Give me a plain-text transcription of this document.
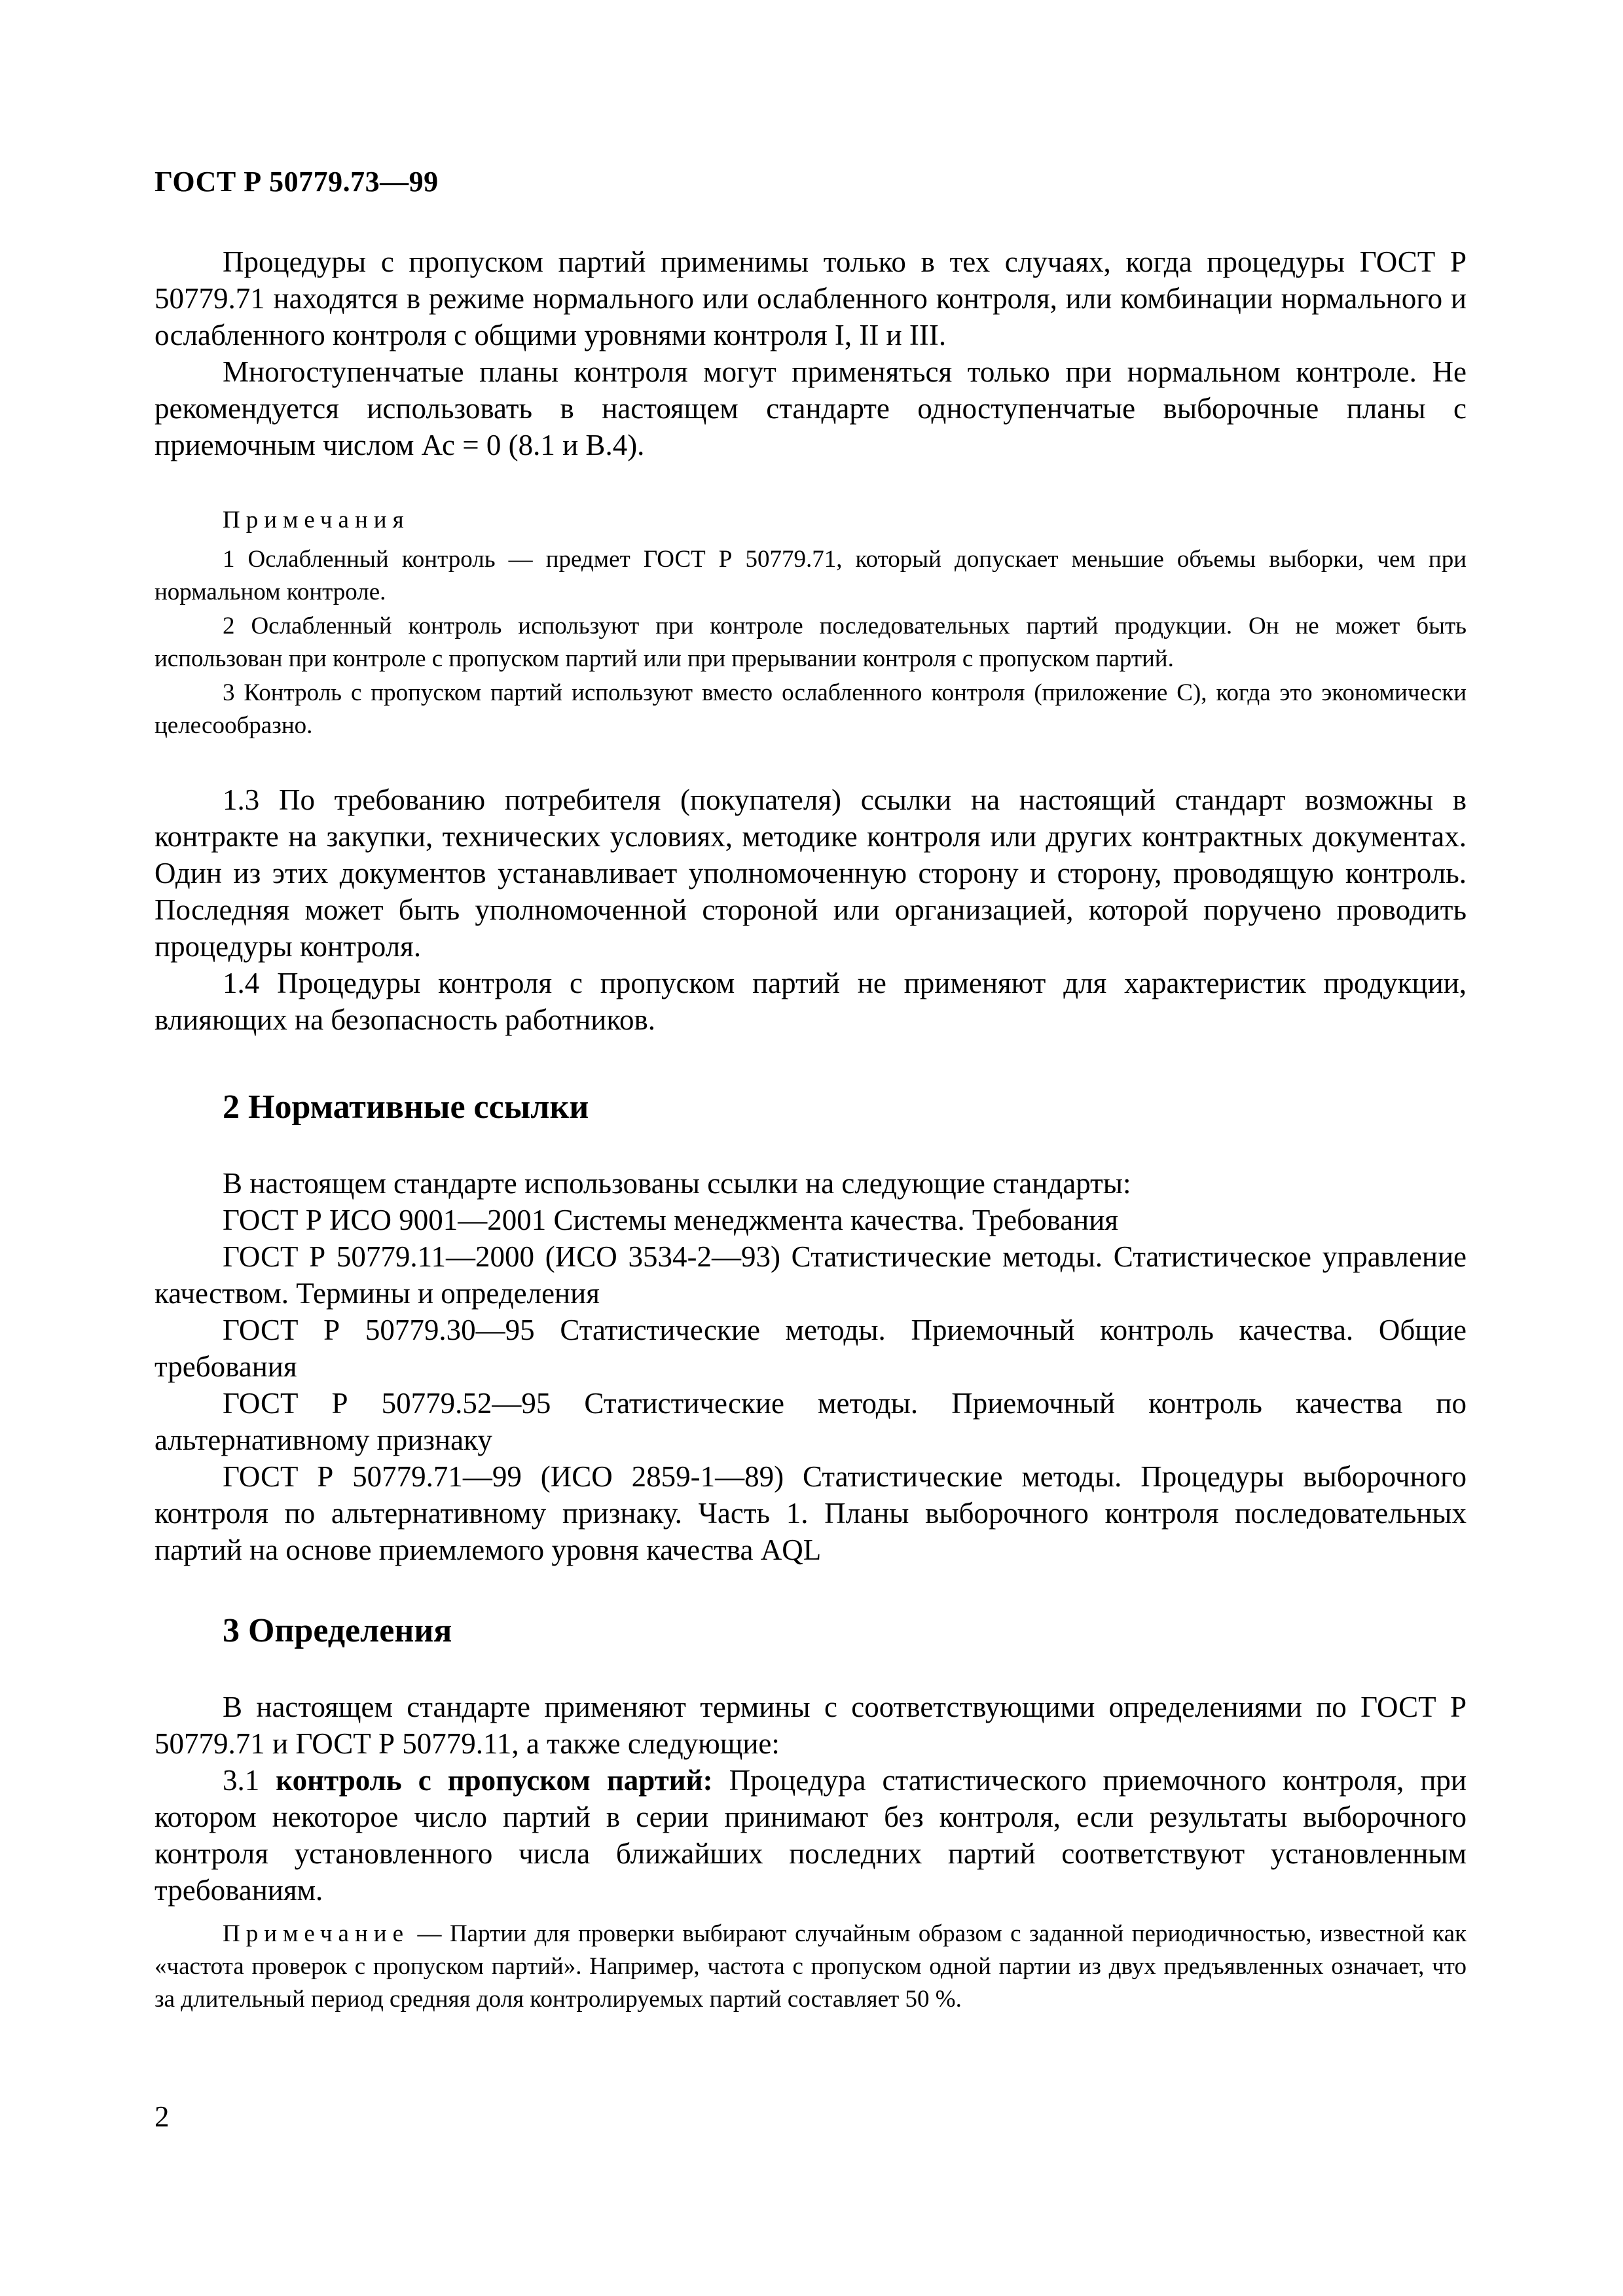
ГОСТ Р 50779.73—99

Процедуры с пропуском партий применимы только в тех случаях, когда процедуры ГОСТ Р 50779.71 находятся в режиме нормального или ослабленного контроля, или комбинации нормального и ослабленного контроля с общими уровнями контроля I, II и III.

Многоступенчатые планы контроля могут применяться только при нормальном контроле. Не рекомендуется использовать в настоящем стандарте одноступенчатые выборочные планы с приемочным числом Ас = 0 (8.1 и В.4).

Примечания

1 Ослабленный контроль — предмет ГОСТ Р 50779.71, который допускает меньшие объемы выборки, чем при нормальном контроле.

2 Ослабленный контроль используют при контроле последовательных партий продукции. Он не может быть использован при контроле с пропуском партий или при прерывании контроля с пропуском партий.

3 Контроль с пропуском партий используют вместо ослабленного контроля (приложение С), когда это экономически целесообразно.

1.3 По требованию потребителя (покупателя) ссылки на настоящий стандарт возможны в контракте на закупки, технических условиях, методике контроля или других контрактных документах. Один из этих документов устанавливает уполномоченную сторону и сторону, проводящую контроль. Последняя может быть уполномоченной стороной или организацией, которой поручено проводить процедуры контроля.

1.4 Процедуры контроля с пропуском партий не применяют для характеристик продукции, влияющих на безопасность работников.

2 Нормативные ссылки

В настоящем стандарте использованы ссылки на следующие стандарты:

ГОСТ Р ИСО 9001—2001 Системы менеджмента качества. Требования

ГОСТ Р 50779.11—2000 (ИСО 3534-2—93) Статистические методы. Статистическое управление качеством. Термины и определения

ГОСТ Р 50779.30—95 Статистические методы. Приемочный контроль качества. Общие требования

ГОСТ Р 50779.52—95 Статистические методы. Приемочный контроль качества по альтернативному признаку

ГОСТ Р 50779.71—99 (ИСО 2859-1—89) Статистические методы. Процедуры выборочного контроля по альтернативному признаку. Часть 1. Планы выборочного контроля последовательных партий на основе приемлемого уровня качества AQL

3 Определения

В настоящем стандарте применяют термины с соответствующими определениями по ГОСТ Р 50779.71 и ГОСТ Р 50779.11, а также следующие:

3.1 контроль с пропуском партий: Процедура статистического приемочного контроля, при котором некоторое число партий в серии принимают без контроля, если результаты выборочного контроля установленного числа ближайших последних партий соответствуют установленным требованиям.

Примечание — Партии для проверки выбирают случайным образом с заданной периодичностью, известной как «частота проверок с пропуском партий». Например, частота с пропуском одной партии из двух предъявленных означает, что за длительный период средняя доля контролируемых партий составляет 50 %.

2
